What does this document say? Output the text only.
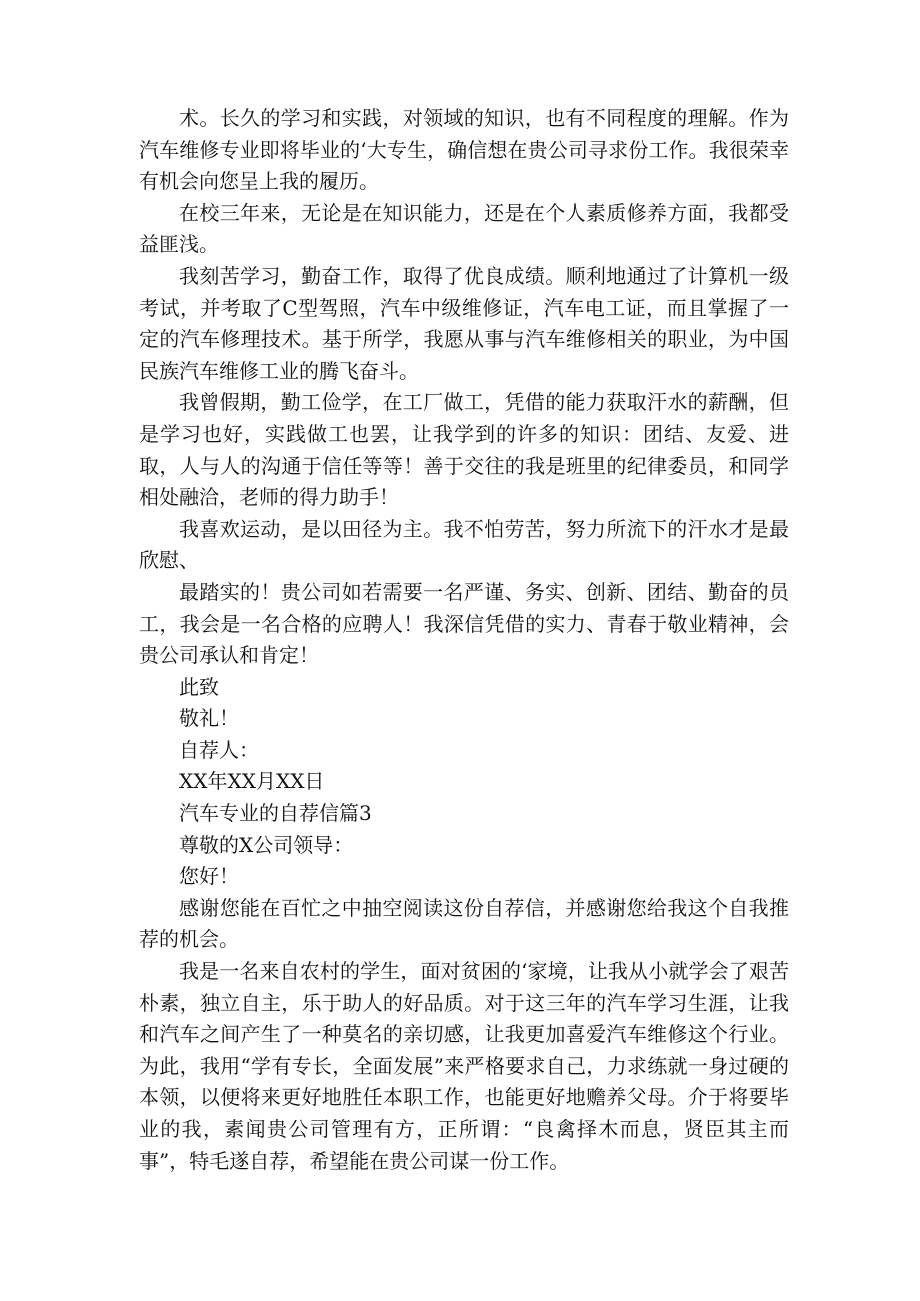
术。长久的学习和实践，对领域的知识，也有不同程度的理解。作为汽车维修专业即将毕业的‘大专生，确信想在贵公司寻求份工作。我很荣幸有机会向您呈上我的履历。

在校三年来，无论是在知识能力，还是在个人素质修养方面，我都受益匪浅。

我刻苦学习，勤奋工作，取得了优良成绩。顺利地通过了计算机一级考试，并考取了C型驾照，汽车中级维修证，汽车电工证，而且掌握了一定的汽车修理技术。基于所学，我愿从事与汽车维修相关的职业，为中国民族汽车维修工业的腾飞奋斗。

我曾假期，勤工俭学，在工厂做工，凭借的能力获取汗水的薪酬，但是学习也好，实践做工也罢，让我学到的许多的知识：团结、友爱、进取，人与人的沟通于信任等等！善于交往的我是班里的纪律委员，和同学相处融洽，老师的得力助手！

我喜欢运动，是以田径为主。我不怕劳苦，努力所流下的汗水才是最欣慰、

最踏实的！贵公司如若需要一名严谨、务实、创新、团结、勤奋的员工，我会是一名合格的应聘人！我深信凭借的实力、青春于敬业精神，会贵公司承认和肯定！

此致

敬礼！

自荐人：

XX年XX月XX日

汽车专业的自荐信篇3

尊敬的X公司领导：

您好！

感谢您能在百忙之中抽空阅读这份自荐信，并感谢您给我这个自我推荐的机会。

我是一名来自农村的学生，面对贫困的‘家境，让我从小就学会了艰苦朴素，独立自主，乐于助人的好品质。对于这三年的汽车学习生涯，让我和汽车之间产生了一种莫名的亲切感，让我更加喜爱汽车维修这个行业。为此，我用“学有专长，全面发展”来严格要求自己，力求练就一身过硬的本领，以便将来更好地胜任本职工作，也能更好地赡养父母。介于将要毕业的我，素闻贵公司管理有方，正所谓：“良禽择木而息，贤臣其主而事”，特毛遂自荐，希望能在贵公司谋一份工作。
